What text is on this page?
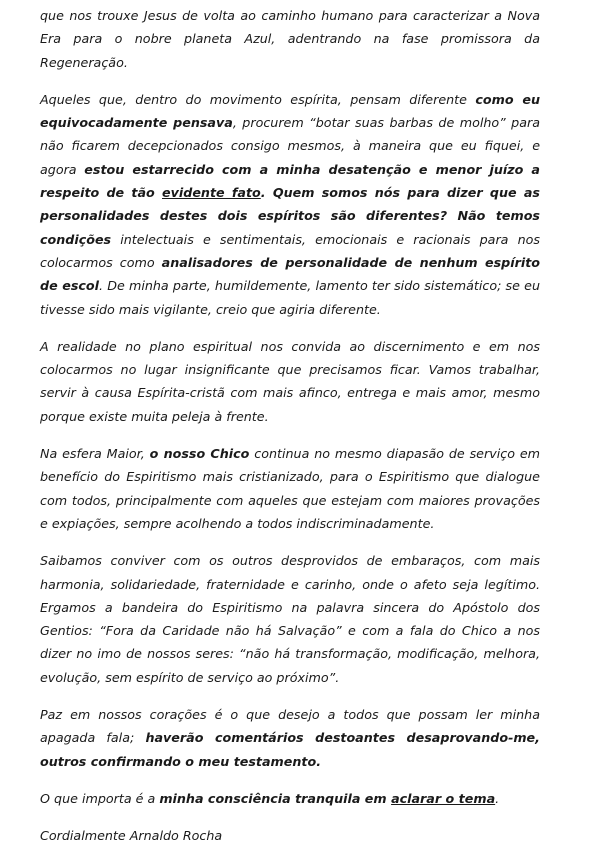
que nos trouxe Jesus de volta ao caminho humano para caracterizar a Nova Era para o nobre planeta Azul, adentrando na fase promissora da Regeneração.

Aqueles que, dentro do movimento espírita, pensam diferente como eu equivocadamente pensava, procurem “botar suas barbas de molho” para não ficarem decepcionados consigo mesmos, à maneira que eu fiquei, e agora estou estarrecido com a minha desatenção e menor juízo a respeito de tão evidente fato. Quem somos nós para dizer que as personalidades destes dois espíritos são diferentes? Não temos condições intelectuais e sentimentais, emocionais e racionais para nos colocarmos como analisadores de personalidade de nenhum espírito de escol. De minha parte, humildemente, lamento ter sido sistemático; se eu tivesse sido mais vigilante, creio que agiria diferente.

A realidade no plano espiritual nos convida ao discernimento e em nos colocarmos no lugar insignificante que precisamos ficar. Vamos trabalhar, servir à causa Espírita-cristã com mais afinco, entrega e mais amor, mesmo porque existe muita peleja à frente.

Na esfera Maior, o nosso Chico continua no mesmo diapasão de serviço em benefício do Espiritismo mais cristianizado, para o Espiritismo que dialogue com todos, principalmente com aqueles que estejam com maiores provações e expiações, sempre acolhendo a todos indiscriminadamente.

Saibamos conviver com os outros desprovidos de embaraços, com mais harmonia, solidariedade, fraternidade e carinho, onde o afeto seja legítimo. Ergamos a bandeira do Espiritismo na palavra sincera do Apóstolo dos Gentios: “Fora da Caridade não há Salvação” e com a fala do Chico a nos dizer no imo de nossos seres: “não há transformação, modificação, melhora, evolução, sem espírito de serviço ao próximo”.

Paz em nossos corações é o que desejo a todos que possam ler minha apagada fala; haverão comentários destoantes desaprovando-me, outros confirmando o meu testamento.

O que importa é a minha consciência tranquila em aclarar o tema.

Cordialmente Arnaldo Rocha
